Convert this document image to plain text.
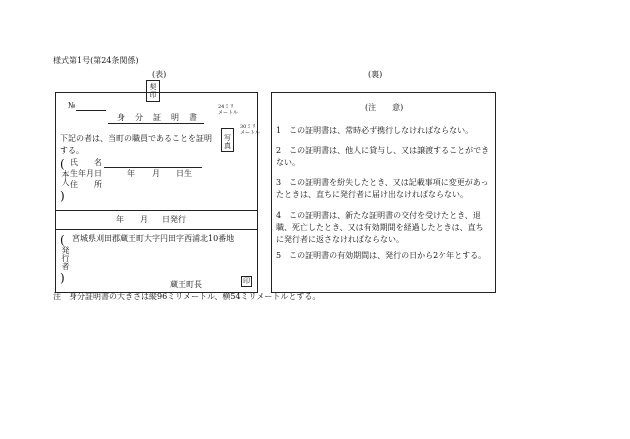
様式第1号(第24条関係)
(表)	(裏)
契
印
№
身　分　証　明　書
24ミリ
メートル
30ミリ
メートル
写
真
下記の者は、当町の職員であることを証明する。
(
本人
)
氏　　名
生年月日	年 月 日生
住　　所
年 月 日発行
( 宮城県刈田郡蔵王町大字円田字西浦北10番地
発行者
)	蔵王町長	印
(注　　意)
1　この証明書は、常時必ず携行しなければならない。
2　この証明書は、他人に貸与し、又は譲渡することができない。
3　この証明書を紛失したとき、又は記載事項に変更があったときは、直ちに発行者に届け出なければならない。
4　この証明書は、新たな証明書の交付を受けたとき、退職、死亡したとき、又は有効期間を経過したときは、直ちに発行者に返さなければならない。
5　この証明書の有効期間は、発行の日から2ケ年とする。
注　身分証明書の大きさは縦96ミリメートル、横54ミリメートルとする。
